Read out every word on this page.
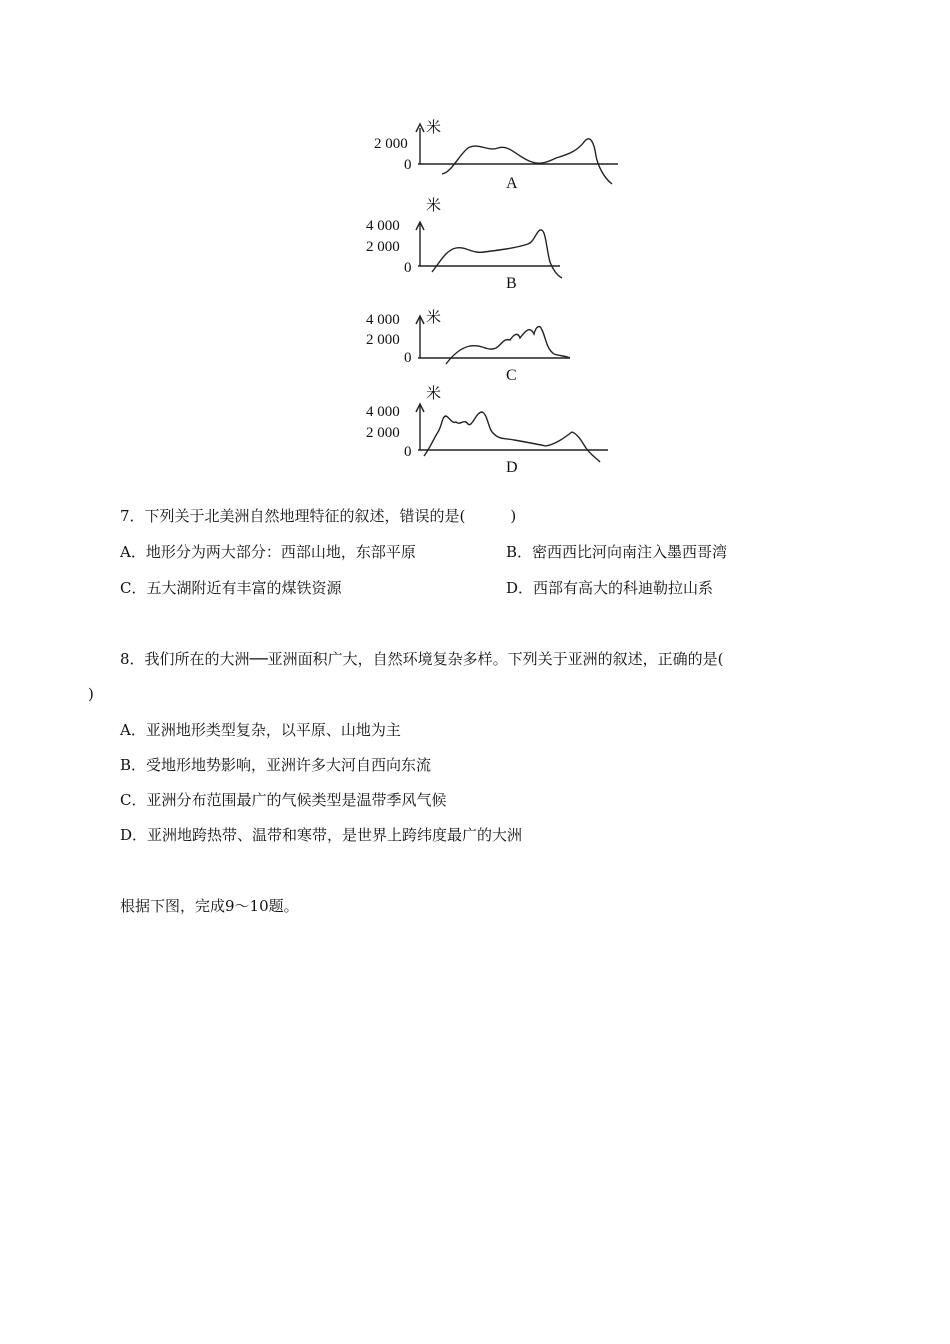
2 000
0
米
A
米
4 000
2 000
0
B
4 000 米
2 000
0
C
米
4 000
2 000
0
D
7．下列关于北美洲自然地理特征的叙述，错误的是(　　　)
A．地形分为两大部分：西部山地，东部平原	B．密西西比河向南注入墨西哥湾
C．五大湖附近有丰富的煤铁资源	D．西部有高大的科迪勒拉山系
8．我们所在的大洲──亚洲面积广大，自然环境复杂多样。下列关于亚洲的叙述，正确的是(
)
A．亚洲地形类型复杂，以平原、山地为主
B．受地形地势影响，亚洲许多大河自西向东流
C．亚洲分布范围最广的气候类型是温带季风气候
D．亚洲地跨热带、温带和寒带，是世界上跨纬度最广的大洲
根据下图，完成9～10题。
